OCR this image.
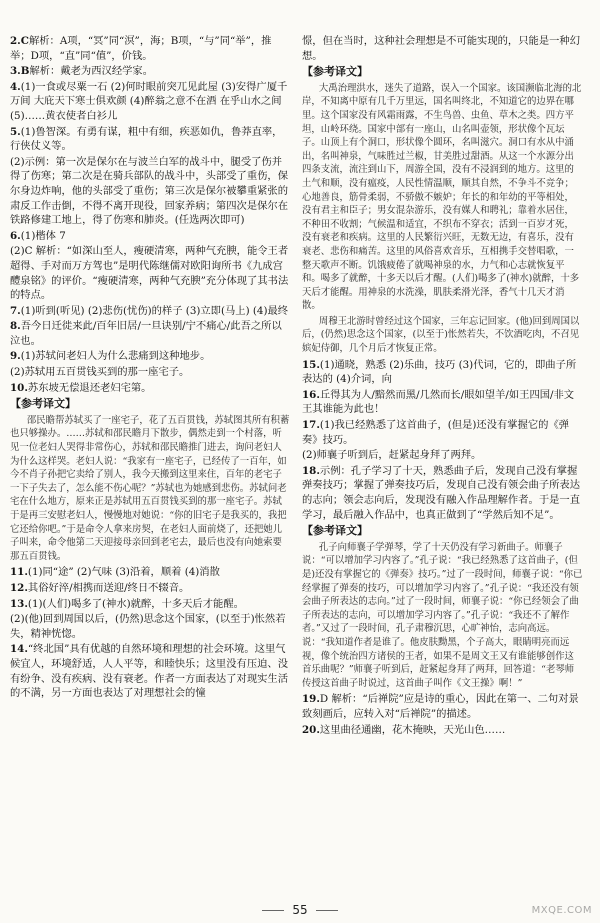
2.C解析：A项，“冥”同“溟”，海；B项，“与”同“举”，推举；D项，“直”同“值”，价钱。
3.B解析：戴老为西汉经学家。
4.(1)一食或尽粟一石 (2)何时眼前突兀见此屋 (3)安得广厦千万间 大庇天下寒士俱欢颜 (4)醉翁之意不在酒 在乎山水之间 (5)……黄衣使者白衫儿
5.(1)鲁智深。有勇有谋，粗中有细，疾恶如仇，鲁莽直率，行侠仗义等。
(2)示例：第一次是保尔在与波兰白军的战斗中，腿受了伤并得了伤寒；第二次是在骑兵部队的战斗中，头部受了重伤，保尔身边炸响，他的头部受了重伤；第三次是保尔被攀重紧张的肃反工作击倒，不得不离开现役，回家养病；第四次是保尔在铁路修建工地上，得了伤寒和肺炎。(任选两次即可)
6.(1)楷体 7
(2)C 解析：“如深山至人，瘦硬清寒，两种气充腴，能令王者超得、手对而万方驾也”是明代陈继儒对欧阳询所书《九成宫醴泉铭》的评价。“瘦硬清寒，两种气充腴”充分体现了其书法的特点。
7.(1)听到(听见) (2)悲伤(忧伤)的样子 (3)立即(马上) (4)最终
8.吾今日迁徙来此/百年旧居/一旦诀别/宁不痛心/此吾之所以泣也。
9.(1)苏轼问老妇人为什么悲痛到这种地步。
(2)苏轼用五百贯钱买到的那一座宅子。
10.苏东坡无偿退还老妇宅第。
【参考译文】
邵民瞻帮苏轼买了一座宅子，花了五百贯钱，苏轼图其所有积蓄也只够操办。……苏轼和邵民瞻月下散步，偶然走到一个村落，听见一位老妇人哭得非常伤心，苏轼和邵民瞻推门进去，询问老妇人为什么这样哭。老妇人说：“我家有一座宅子，已经传了一百年，如今不肖子孙把它卖给了别人，我今天搬到这里来住，百年的老宅子一下子失去了，怎么能不伤心呢？”苏轼也为她感到悲伤。苏轼问老宅在什么地方，原来正是苏轼用五百贯钱买到的那一座宅子。苏轼于是再三安慰老妇人，慢慢地对她说：“你的旧宅子是我买的，我把它还给你吧。”于是命令人拿来房契，在老妇人面前烧了，还把她儿子叫来，命令他第二天迎接母亲回到老宅去，最后也没有向她索要那五百贯钱。
11.(1)同“途” (2)气味 (3)沿着，顺着 (4)消散
12.其俗好淬/相携而送迎/终日不辍音。
13.(1)(人们)喝多了(神水)就醉，十多天后才能醒。
(2)(他)回到周国以后，(仍然)思念这个国家，(以至于)怅然若失，精神恍惚。
14.“终北国”具有优越的自然环境和理想的社会环境。这里气候宜人，环境舒适，人人平等，和睦快乐；这里没有压迫、没有纷争、没有疾病、没有衰老。作者一方面表达了对现实生活的不满，另一方面也表达了对理想社会的憧
憬，但在当时，这种社会理想是不可能实现的，只能是一种幻想。
【参考译文】
大禹治理洪水，迷失了道路，误入一个国家。该国濒临北海的北岸，不知离中原有几千万里远，国名叫终北，不知道它的边界在哪里。这个国家没有风霜雨露，不生鸟兽、虫鱼、草木之类。四方平坦，山岭环绕。国家中部有一座山，山名叫壶领，形状像个瓦坛子。山顶上有个洞口，形状像个圆环，名叫滋穴。洞口有水从中涌出，名叫神泉，气味胜过兰椒，甘美胜过甜酒。从这一个水源分出四条支流，流注到山下，周游全国，没有不浸润到的地方。这里的土气和顺，没有瘟疫，人民性情温顺，顺其自然，不争斗不竞争；心地善良，筋骨柔弱，不骄傲不嫉妒；年长的和年幼的平等相处，没有君主和臣子；男女混杂游乐，没有媒人和聘礼；靠着水居住，不种田不收割；气候温和适宜，不织布不穿衣；活到一百岁才死，没有衰老和疾病。这里的人民繁衍兴旺，无数无边，有喜乐，没有衰老、悲伤和痛苦。这里的风俗喜欢音乐，互相携手交替唱歌，一整天歌声不断。饥饿疲倦了就喝神泉的水，力气和心志就恢复平和。喝多了就醉，十多天以后才醒。(人们)喝多了(神水)就醉，十多天后才能醒。用神泉的水洗澡，肌肤柔滑光泽，香气十几天才消散。
周穆王北游时曾经过这个国家，三年忘记回家。(他)回到周国以后，(仍然)思念这个国家，(以至于)怅然若失，不饮酒吃肉，不召见嫔妃侍御，几个月后才恢复正常。
15.(1)通晓，熟悉 (2)乐曲，技巧 (3)代词，它的，即曲子所表达的 (4)介词，向
16.丘得其为人/黯然而黑/几然而长/眼如望羊/如王四国/非文王其谁能为此也！
17.(1)我已经熟悉了这首曲子，(但是)还没有掌握它的《弹奏》技巧。
(2)师襄子听到后，赶紧起身拜了两拜。
18.示例：孔子学习了十天，熟悉曲子后，发现自己没有掌握弹奏技巧；掌握了弹奏技巧后，发现自己没有领会曲子所表达的志向；领会志向后，发现没有融入作品理解作者。于是一直学习，最后融入作品中，也真正做到了“学然后知不足”。
【参考译文】
孔子向师襄子学弹琴，学了十天仍没有学习新曲子。师襄子说：“可以增加学习内容了。”孔子说：“我已经熟悉了这首曲子，(但是)还没有掌握它的《弹奏》技巧。”过了一段时间，师襄子说：“你已经掌握了弹奏的技巧，可以增加学习内容了。”孔子说：“我还没有领会曲子所表达的志向。”过了一段时间，师襄子说：“你已经领会了曲子所表达的志向，可以增加学习内容了。”孔子说：“我还不了解作者。”又过了一段时间，孔子肃穆沉思，心旷神怡，志向高远。说：“我知道作者是谁了。他皮肤黝黑，个子高大，眼睛明亮而远视，像个统治四方诸侯的王者，如果不是周文王又有谁能够创作这首乐曲呢？”师襄子听到后，赶紧起身拜了两拜，回答道：“老琴师传授这首曲子时说过，这首曲子叫作《文王操》啊！”
19.D 解析：“后禅院”应是诗的重心，因此在第一、二句对景致刻画后，应转入对“后禅院”的描述。
20.这里曲径通幽，花木掩映，天光山色……
55	MXQE.COM
